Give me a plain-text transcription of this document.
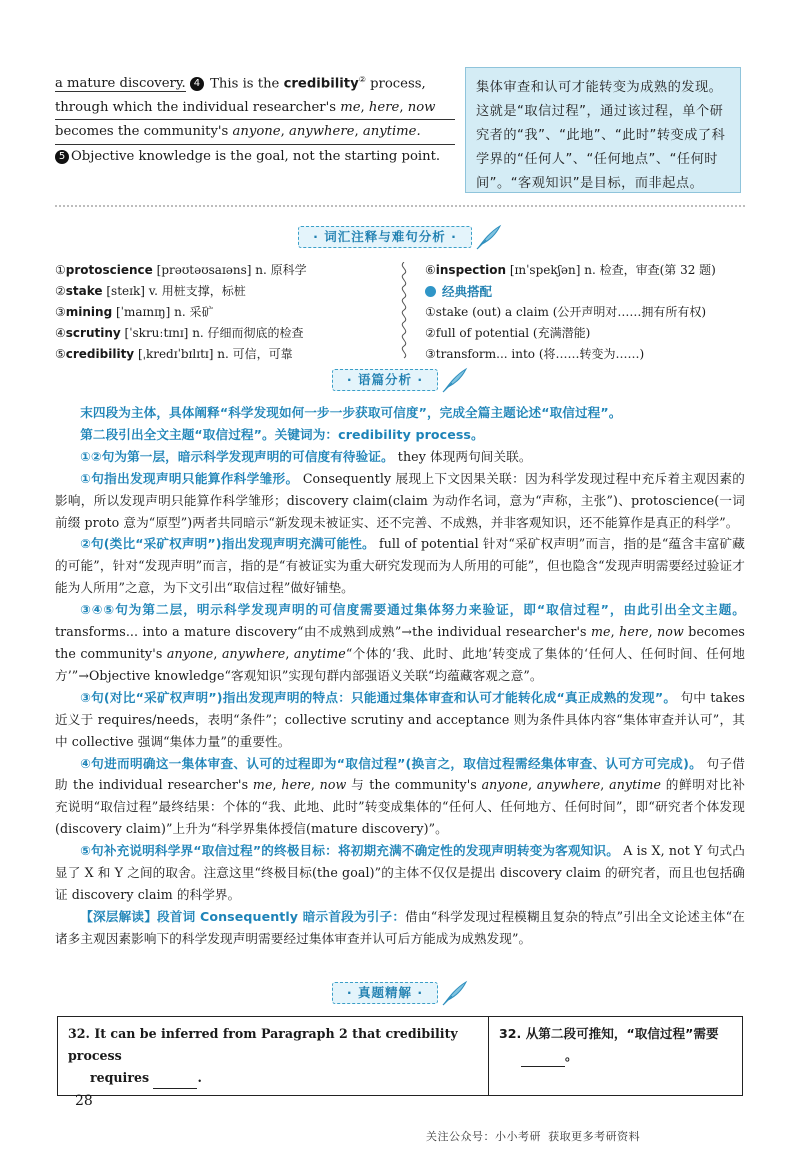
a mature discovery. 4 This is the credibility② process,
through which the individual researcher's me, here, now
becomes the community's anyone, anywhere, anytime.
5 Objective knowledge is the goal, not the starting point.
集体审查和认可才能转变为成熟的发现。
这就是“取信过程”，通过该过程，单个研
究者的“我”、“此地”、“此时”转变成了科
学界的“任何人”、“任何地点”、“任何时
间”。“客观知识”是目标，而非起点。
· 词汇注释与难句分析 ·
①protoscience [prəʊtəʊsaɪəns] n. 原科学
②stake [steɪk] v. 用桩支撑，标桩
③mining [ˈmaɪnɪŋ] n. 采矿
④scrutiny [ˈskruːtɪnɪ] n. 仔细而彻底的检查
⑤credibility [ˌkredɪˈbɪlɪtɪ] n. 可信，可靠
⑥inspection [ɪnˈspekʃən] n. 检查，审查(第 32 题)
经典搭配
①stake (out) a claim (公开声明对……拥有所有权)
②full of potential (充满潜能)
③transform... into (将……转变为……)
· 语篇分析 ·

末四段为主体，具体阐释“科学发现如何一步一步获取可信度”，完成全篇主题论述“取信过程”。

第二段引出全文主题“取信过程”。关键词为：credibility process。

①②句为第一层，暗示科学发现声明的可信度有待验证。 they 体现两句间关联。

①句指出发现声明只能算作科学雏形。 Consequently 展现上下文因果关联：因为科学发现过程中充斥着主观因素的影响，所以发现声明只能算作科学雏形；discovery claim(claim 为动作名词，意为“声称，主张”)、protoscience(一词前缀 proto 意为“原型”)两者共同暗示“新发现未被证实、还不完善、不成熟，并非客观知识，还不能算作是真正的科学”。

②句(类比“采矿权声明”)指出发现声明充满可能性。 full of potential 针对“采矿权声明”而言，指的是“蕴含丰富矿藏的可能”，针对“发现声明”而言，指的是“有被证实为重大研究发现而为人所用的可能”，但也隐含“发现声明需要经过验证才能为人所用”之意，为下文引出“取信过程”做好铺垫。

③④⑤句为第二层，明示科学发现声明的可信度需要通过集体努力来验证，即“取信过程”，由此引出全文主题。 transforms... into a mature discovery“由不成熟到成熟”→the individual researcher's me, here, now becomes the community's anyone, anywhere, anytime“个体的‘我、此时、此地’转变成了集体的‘任何人、任何时间、任何地方’”→Objective knowledge“客观知识”实现句群内部强语义关联“均蕴藏客观之意”。

③句(对比“采矿权声明”)指出发现声明的特点：只能通过集体审查和认可才能转化成“真正成熟的发现”。 句中 takes 近义于 requires/needs，表明“条件”；collective scrutiny and acceptance 则为条件具体内容“集体审查并认可”，其中 collective 强调“集体力量”的重要性。

④句进而明确这一集体审查、认可的过程即为“取信过程”(换言之，取信过程需经集体审查、认可方可完成)。 句子借助 the individual researcher's me, here, now 与 the community's anyone, anywhere, anytime 的鲜明对比补充说明“取信过程”最终结果：个体的“我、此地、此时”转变成集体的“任何人、任何地方、任何时间”，即“研究者个体发现(discovery claim)”上升为“科学界集体授信(mature discovery)”。

⑤句补充说明科学界“取信过程”的终极目标：将初期充满不确定性的发现声明转变为客观知识。 A is X, not Y 句式凸显了 X 和 Y 之间的取舍。注意这里“终极目标(the goal)”的主体不仅仅是提出 discovery claim 的研究者，而且也包括确证 discovery claim 的科学界。

【深层解读】段首词 Consequently 暗示首段为引子：借由“科学发现过程模糊且复杂的特点”引出全文论述主体“在诸多主观因素影响下的科学发现声明需要经过集体审查并认可后方能成为成熟发现”。

· 真题精解 ·
32. It can be inferred from Paragraph 2 that credibility process
requires	.	32. 从第二段可推知，“取信过程”需要
。
28
关注公众号：小小考研 获取更多考研资料
